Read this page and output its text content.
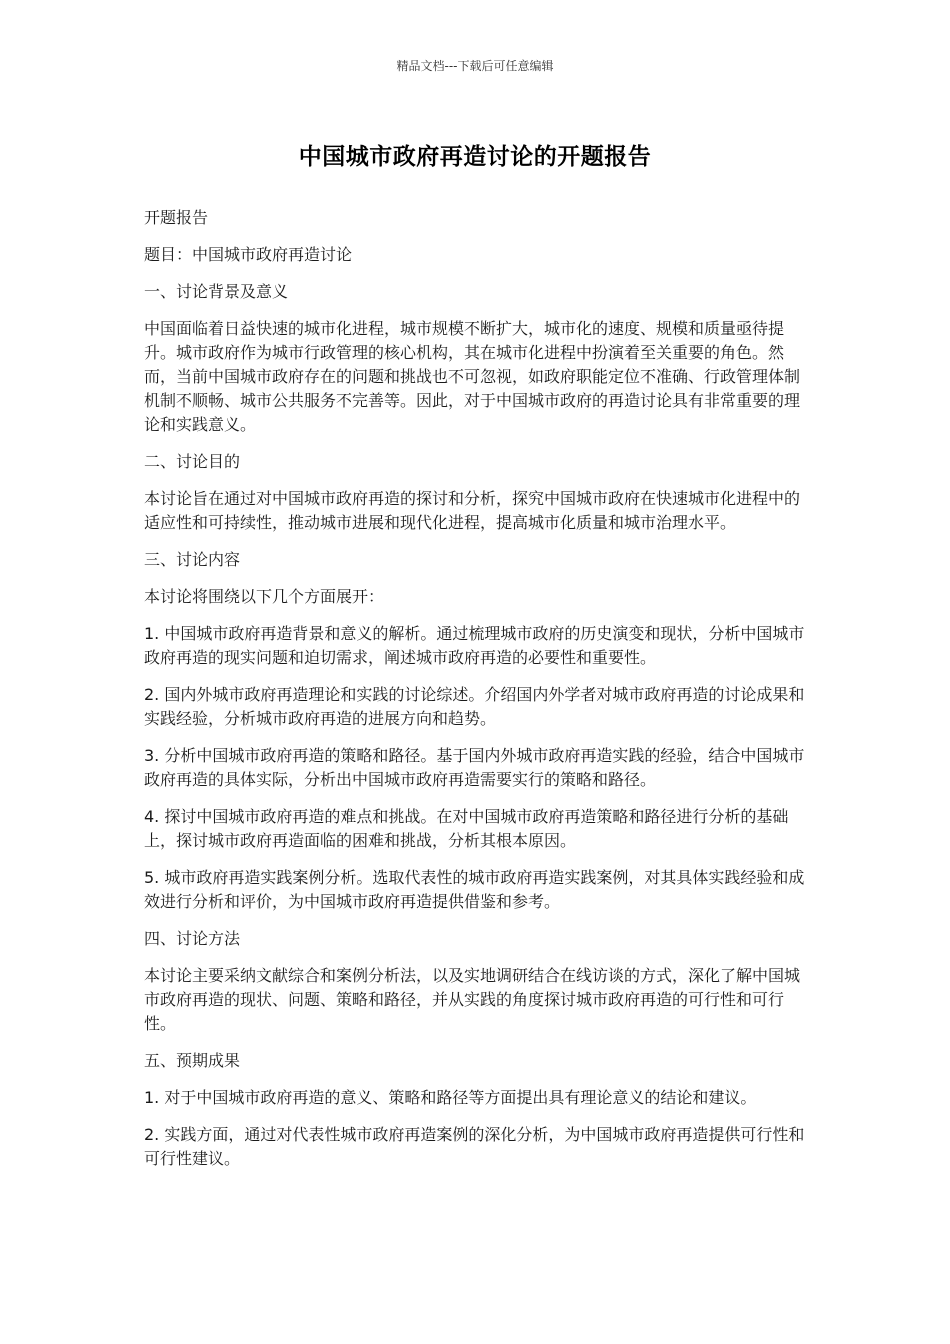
精品文档---下载后可任意编辑
中国城市政府再造讨论的开题报告

开题报告

题目：中国城市政府再造讨论

一、讨论背景及意义

中国面临着日益快速的城市化进程，城市规模不断扩大，城市化的速度、规模和质量亟待提升。城市政府作为城市行政管理的核心机构，其在城市化进程中扮演着至关重要的角色。然而，当前中国城市政府存在的问题和挑战也不可忽视，如政府职能定位不准确、行政管理体制机制不顺畅、城市公共服务不完善等。因此，对于中国城市政府的再造讨论具有非常重要的理论和实践意义。

二、讨论目的

本讨论旨在通过对中国城市政府再造的探讨和分析，探究中国城市政府在快速城市化进程中的适应性和可持续性，推动城市进展和现代化进程，提高城市化质量和城市治理水平。

三、讨论内容

本讨论将围绕以下几个方面展开：

1. 中国城市政府再造背景和意义的解析。通过梳理城市政府的历史演变和现状，分析中国城市政府再造的现实问题和迫切需求，阐述城市政府再造的必要性和重要性。

2. 国内外城市政府再造理论和实践的讨论综述。介绍国内外学者对城市政府再造的讨论成果和实践经验，分析城市政府再造的进展方向和趋势。

3. 分析中国城市政府再造的策略和路径。基于国内外城市政府再造实践的经验，结合中国城市政府再造的具体实际，分析出中国城市政府再造需要实行的策略和路径。

4. 探讨中国城市政府再造的难点和挑战。在对中国城市政府再造策略和路径进行分析的基础上，探讨城市政府再造面临的困难和挑战，分析其根本原因。

5. 城市政府再造实践案例分析。选取代表性的城市政府再造实践案例，对其具体实践经验和成效进行分析和评价，为中国城市政府再造提供借鉴和参考。

四、讨论方法

本讨论主要采纳文献综合和案例分析法，以及实地调研结合在线访谈的方式，深化了解中国城市政府再造的现状、问题、策略和路径，并从实践的角度探讨城市政府再造的可行性和可行性。

五、预期成果

1. 对于中国城市政府再造的意义、策略和路径等方面提出具有理论意义的结论和建议。

2. 实践方面，通过对代表性城市政府再造案例的深化分析，为中国城市政府再造提供可行性和可行性建议。
